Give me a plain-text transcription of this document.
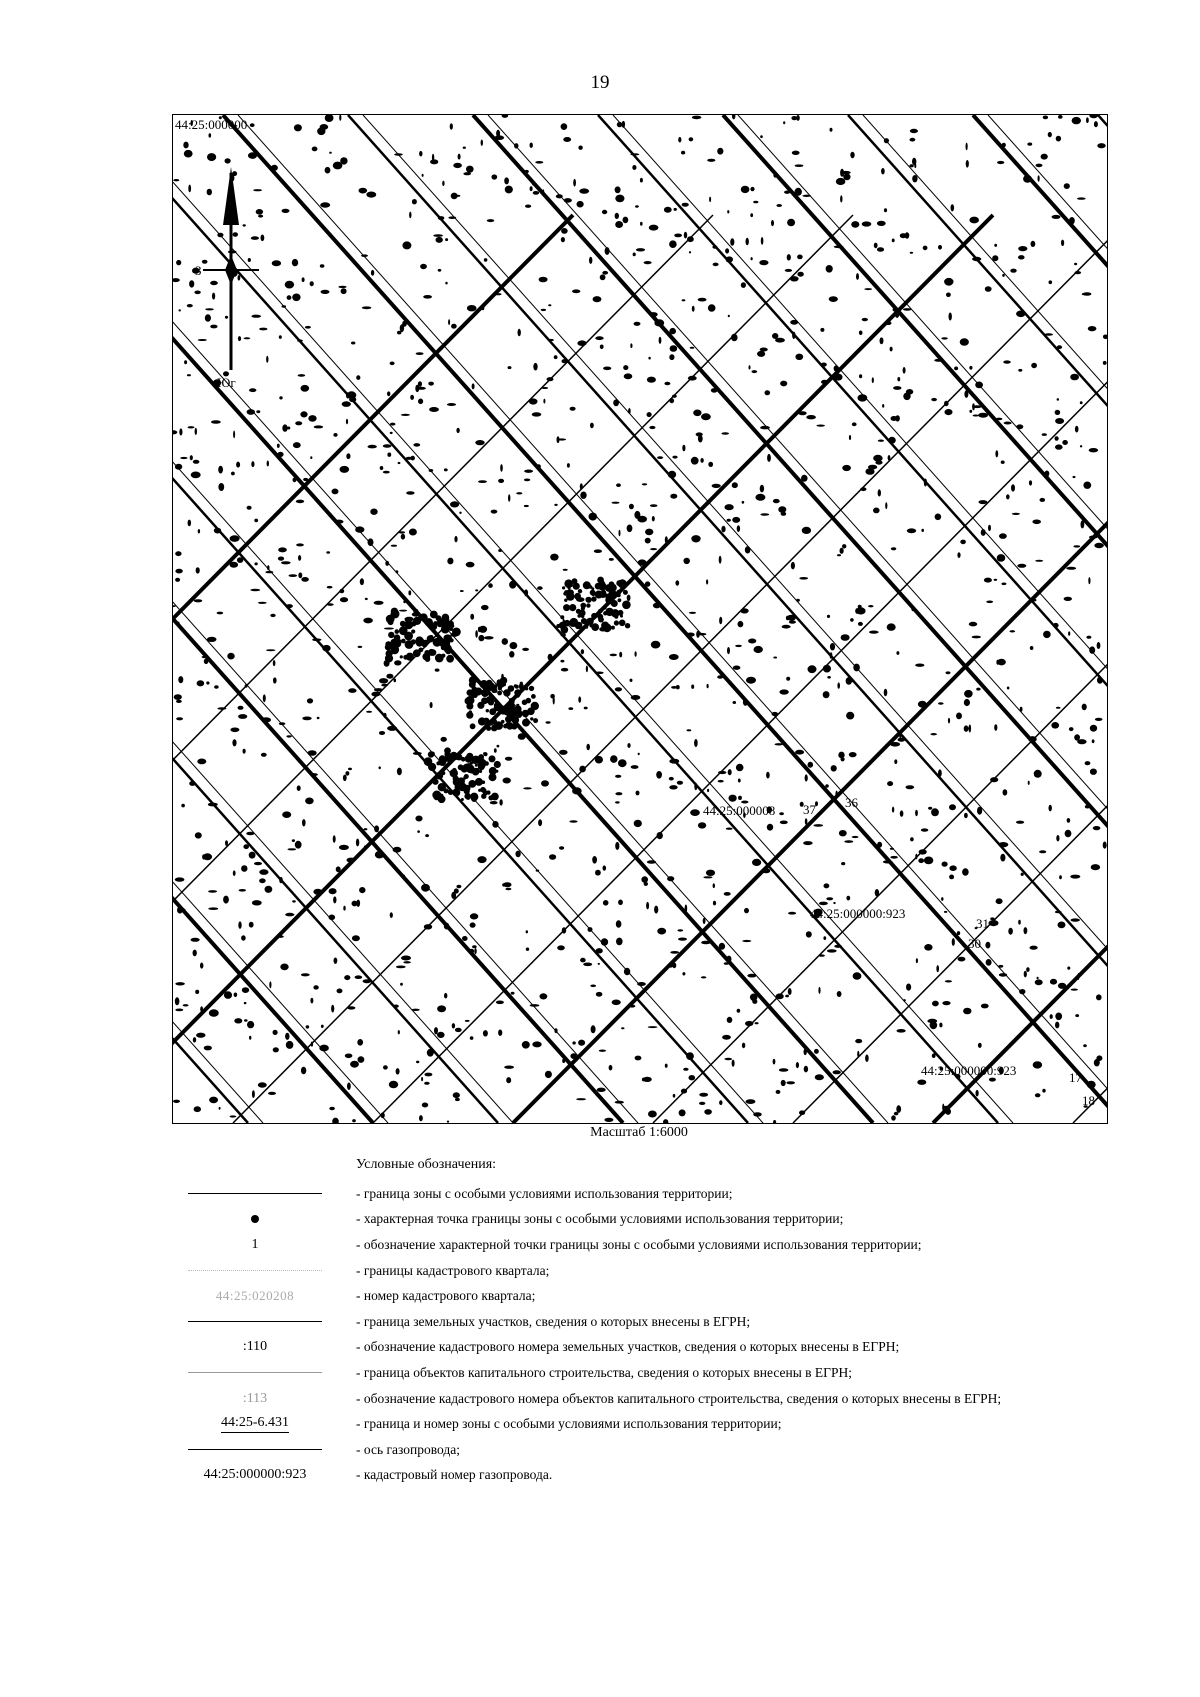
19
З
Юг
44:25:000000
44:25:000008 37 36
44:25:000000:923
31
30
44:25:000000:923	17
18
Масштаб 1:6000
Условные обозначения:
- граница зоны с особыми условиями использования территории;
- характерная точка границы зоны с особыми условиями использования территории;
1	- обозначение характерной точки границы зоны с особыми условиями использования территории;
- границы кадастрового квартала;
44:25:020208	- номер кадастрового квартала;
- граница земельных участков, сведения о которых внесены в ЕГРН;
:110	- обозначение кадастрового номера земельных участков, сведения о которых внесены в ЕГРН;
- граница объектов капитального строительства, сведения о которых внесены в ЕГРН;
:113	- обозначение кадастрового номера объектов капитального строительства, сведения о которых внесены в ЕГРН;
44:25-6.431	- граница и номер зоны с особыми условиями использования территории;
- ось газопровода;
44:25:000000:923	- кадастровый номер газопровода.
